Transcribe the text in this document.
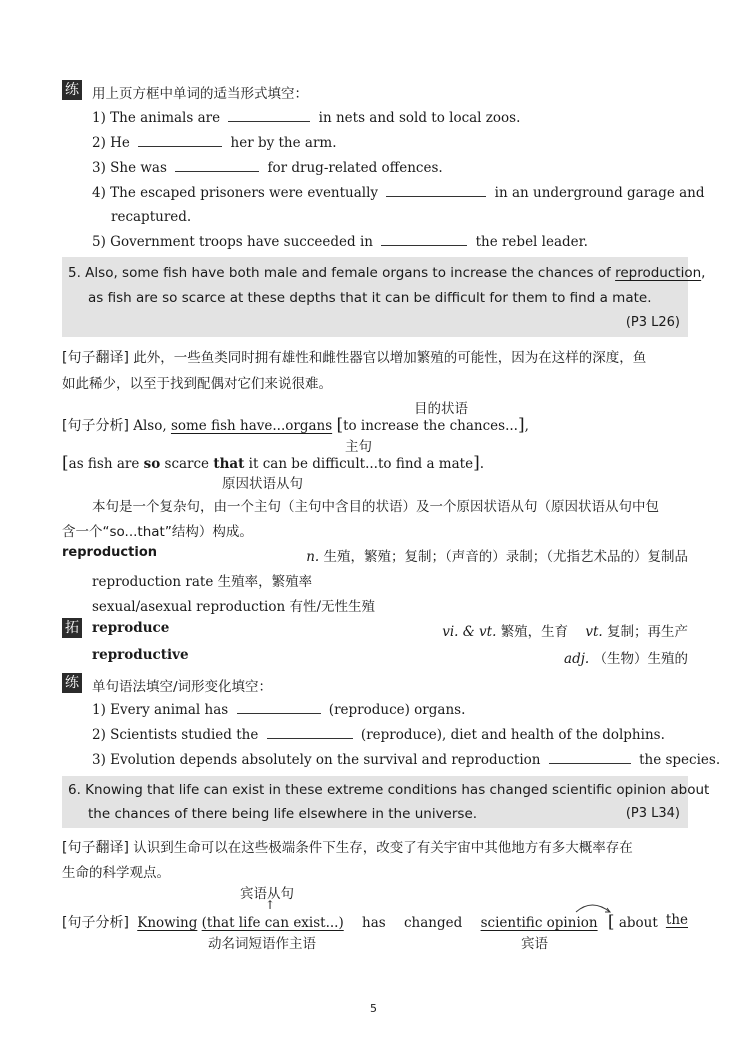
练 用上页方框中单词的适当形式填空：
1) The animals are	in nets and sold to local zoos.
2) He	her by the arm.
3) She was	for drug-related offences.
4) The escaped prisoners were eventually	in an underground garage and
recaptured.
5) Government troops have succeeded in	the rebel leader.
5. Also, some fish have both male and female organs to increase the chances of reproduction,
as fish are so scarce at these depths that it can be difficult for them to find a mate.
(P3 L26)
[ 句子翻译 ] 此外，一些鱼类同时拥有雄性和雌性器官以增加繁殖的可能性，因为在这样的深度，鱼
如此稀少，以至于找到配偶对它们来说很难。
目的状语
[ 句子分析 ] Also, some fish have...organs [to increase the chances...],
主句
[as fish are so scarce that it can be difficult...to find a mate].
原因状语从句
本句是一个复杂句，由一个主句（主句中含目的状语）及一个原因状语从句（原因状语从句中包
含一个“so...that”结构）构成。
reproduction	n. 生殖，繁殖；复制；（声音的）录制；（尤指艺术品的）复制品
reproduction rate 生殖率，繁殖率
sexual/asexual reproduction 有性/无性生殖
拓 reproduce	vi. & vt. 繁殖，生育 vt. 复制；再生产
reproductive	adj. （生物）生殖的
练 单句语法填空/词形变化填空：
1) Every animal has	(reproduce) organs.
2) Scientists studied the	(reproduce), diet and health of the dolphins.
3) Evolution depends absolutely on the survival and reproduction	the species.
6. Knowing that life can exist in these extreme conditions has changed scientific opinion about
the chances of there being life elsewhere in the universe.	(P3 L34)
[ 句子翻译 ] 认识到生命可以在这些极端条件下生存，改变了有关宇宙中其他地方有多大概率存在
生命的科学观点。
宾语从句
↑
[ 句子分析 ] Knowing (that life can exist...) has changed scientific opinion [ about the
动名词短语作主语	宾语
5
